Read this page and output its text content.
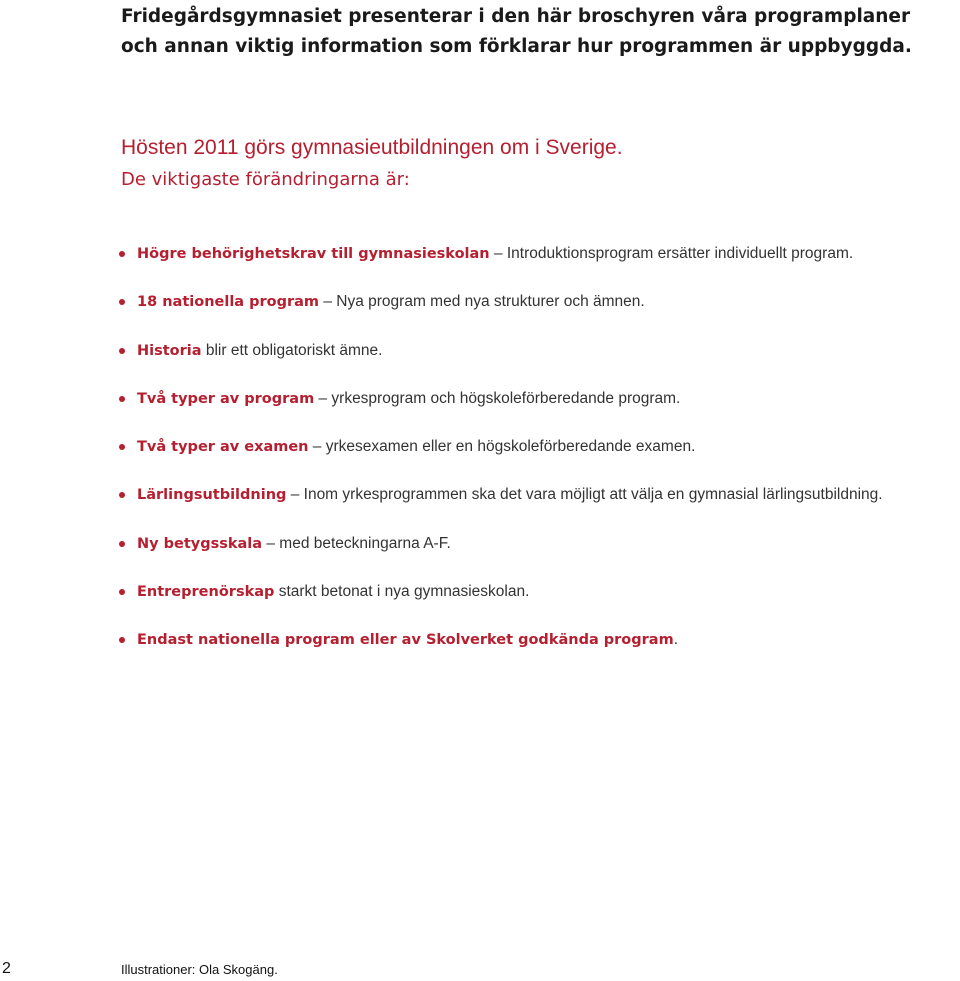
Fridegårdsgymnasiet presenterar i den här broschyren våra programplaner
och annan viktig information som förklarar hur programmen är uppbyggda.

Hösten 2011 görs gymnasieutbildningen om i Sverige.
De viktigaste förändringarna är:
Högre behörighetskrav till gymnasieskolan – Introduktionsprogram ersätter individuellt program.
18 nationella program – Nya program med nya strukturer och ämnen.
Historia blir ett obligatoriskt ämne.
Två typer av program – yrkesprogram och högskoleförberedande program.
Två typer av examen – yrkesexamen eller en högskoleförberedande examen.
Lärlingsutbildning – Inom yrkesprogrammen ska det vara möjligt att välja en gymnasial lärlingsutbildning.
Ny betygsskala – med beteckningarna A-F.
Entreprenörskap starkt betonat i nya gymnasieskolan.
Endast nationella program eller av Skolverket godkända program.
2	Illustrationer: Ola Skogäng.
